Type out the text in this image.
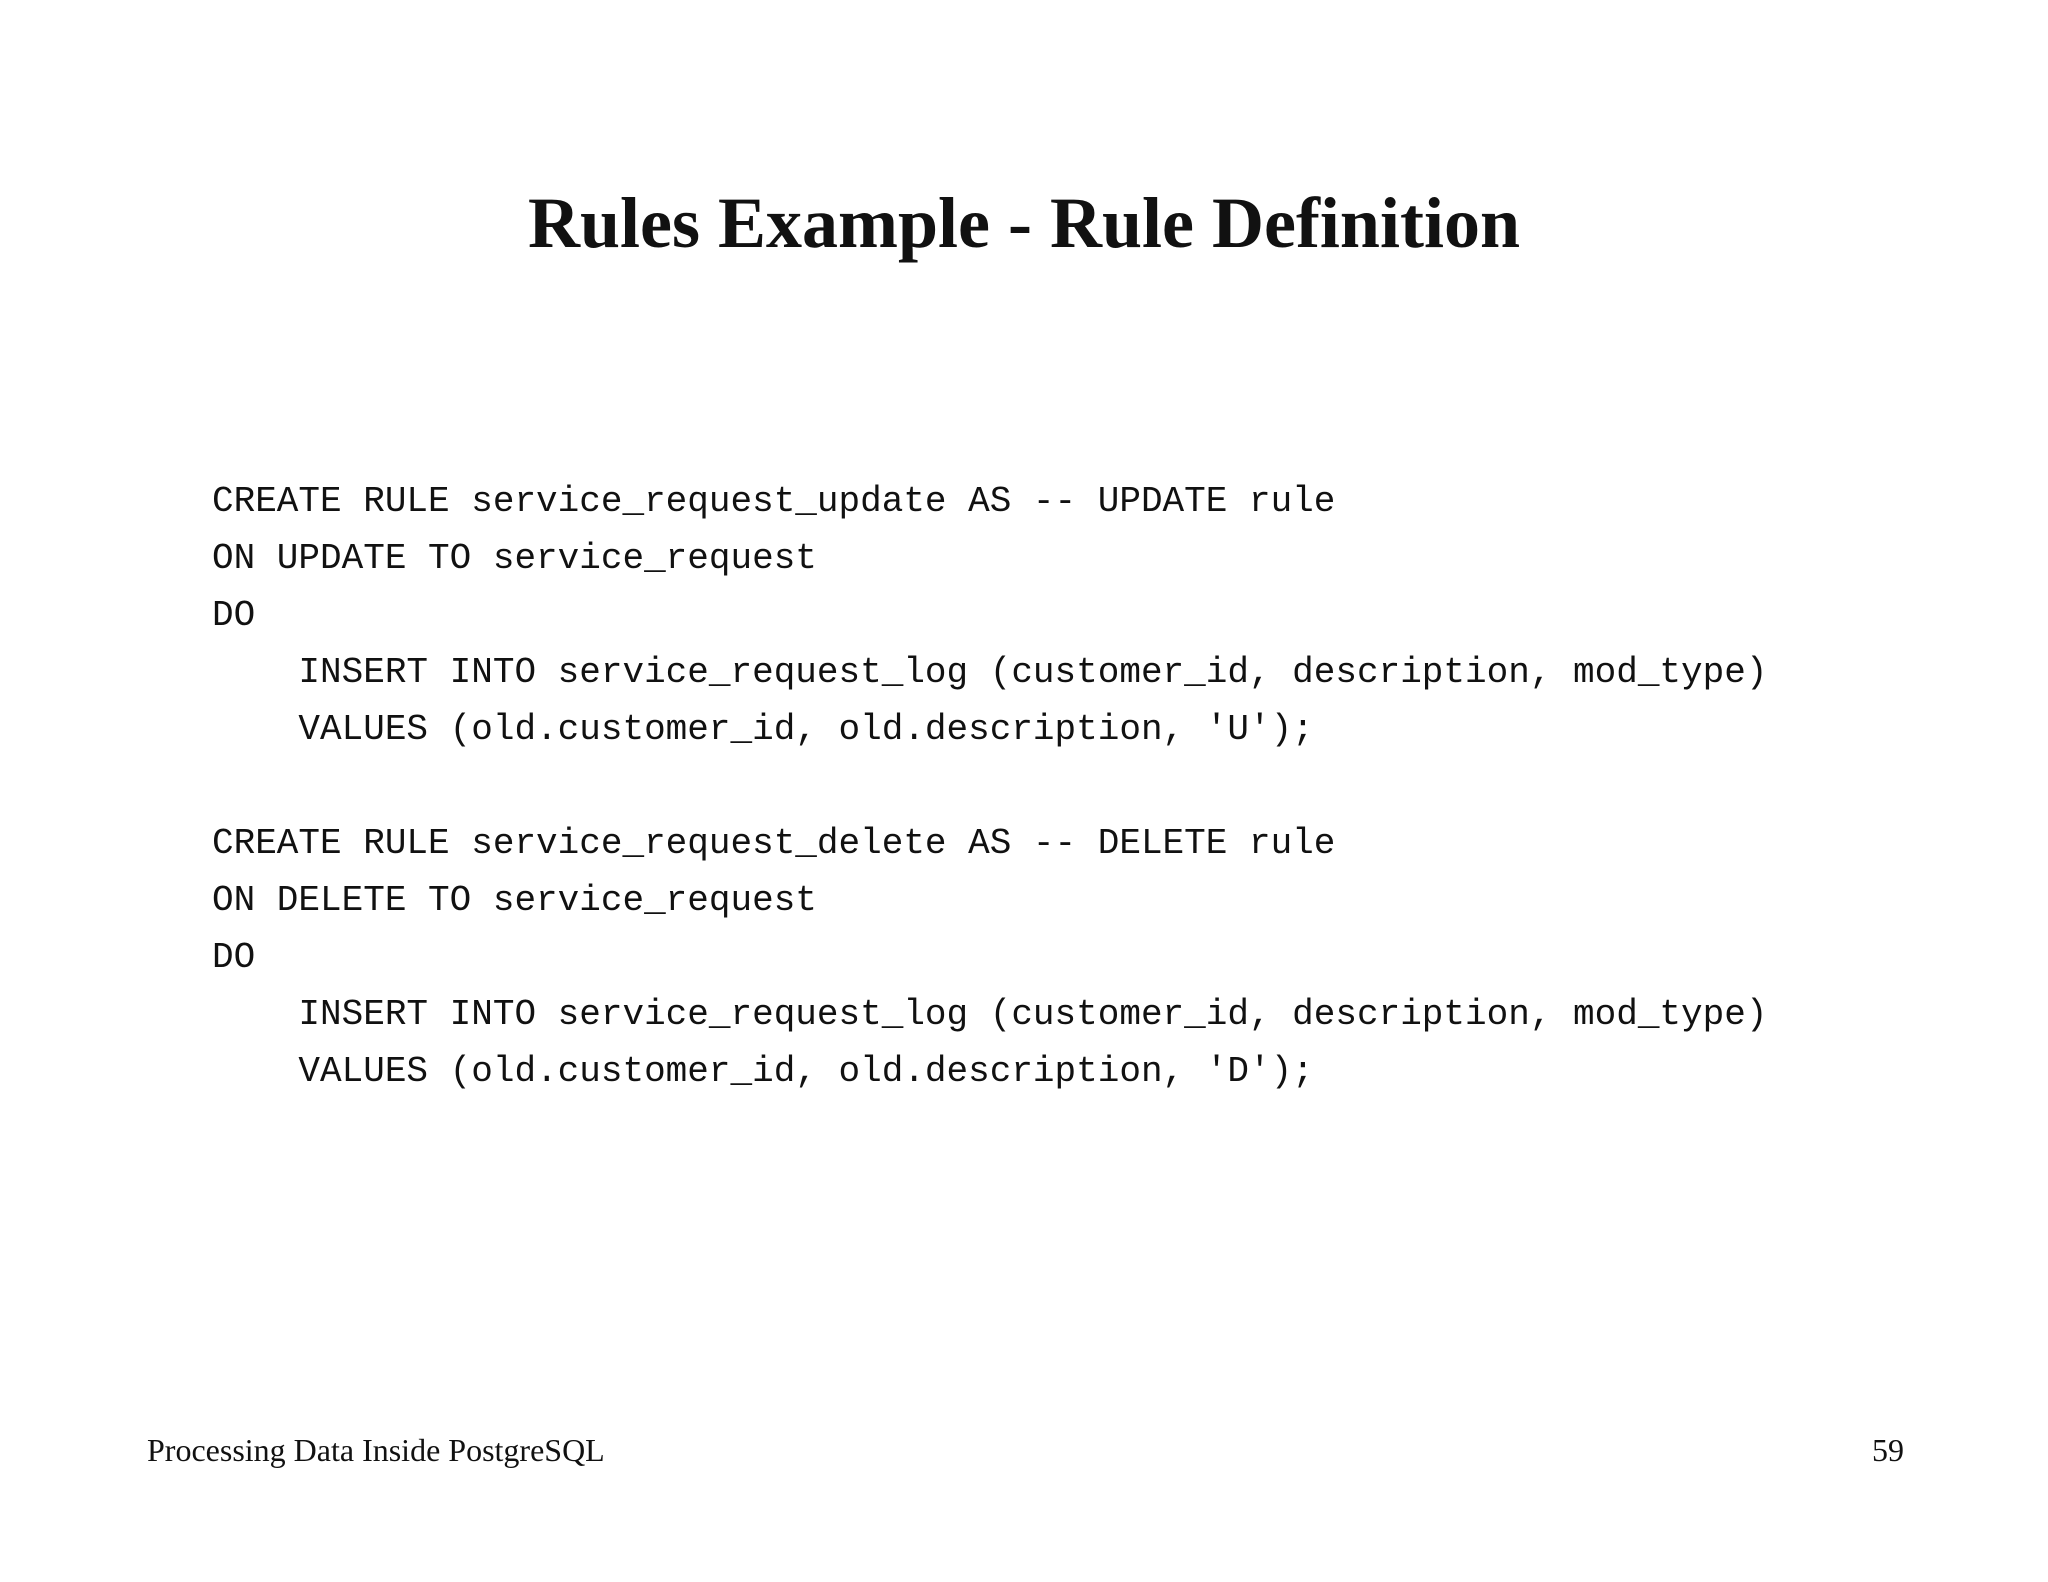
Rules Example - Rule Definition
CREATE RULE service_request_update AS -- UPDATE rule
ON UPDATE TO service_request
DO
INSERT INTO service_request_log (customer_id, description, mod_type)
VALUES (old.customer_id, old.description, 'U');
CREATE RULE service_request_delete AS -- DELETE rule
ON DELETE TO service_request
DO
INSERT INTO service_request_log (customer_id, description, mod_type)
VALUES (old.customer_id, old.description, 'D');
Processing Data Inside PostgreSQL	59
